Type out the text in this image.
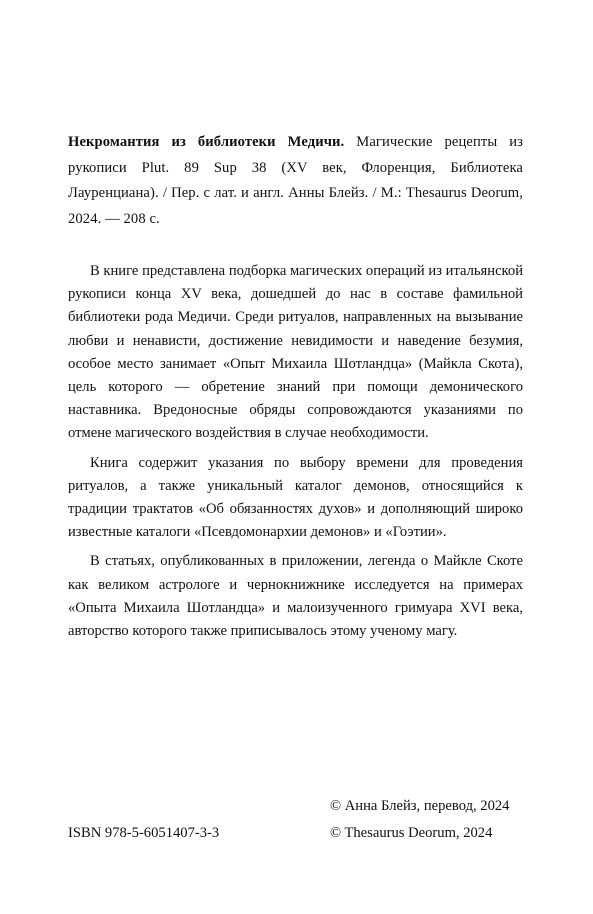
Некромантия из библиотеки Медичи. Магические рецепты из рукописи Plut. 89 Sup 38 (XV век, Флоренция, Библиотека Лауренциана). / Пер. с лат. и англ. Анны Блейз. / М.: Thesaurus Deorum, 2024. — 208 с.

В книге представлена подборка магических операций из итальянской рукописи конца XV века, дошедшей до нас в составе фамильной библиотеки рода Медичи. Среди ритуалов, направленных на вызывание любви и ненависти, достижение невидимости и наведение безумия, особое место занимает «Опыт Михаила Шотландца» (Майкла Скота), цель которого — обретение знаний при помощи демонического наставника. Вредоносные обряды сопровождаются указаниями по отмене магического воздействия в случае необходимости.

Книга содержит указания по выбору времени для проведения ритуалов, а также уникальный каталог демонов, относящийся к традиции трактатов «Об обязанностях духов» и дополняющий широко известные каталоги «Псевдомонархии демонов» и «Гоэтии».

В статьях, опубликованных в приложении, легенда о Майкле Скоте как великом астрологе и чернокнижнике исследуется на примерах «Опыта Михаила Шотландца» и малоизученного гримуара XVI века, авторство которого также приписывалось этому ученому магу.

© Анна Блейз, перевод, 2024
© Thesaurus Deorum, 2024
ISBN 978-5-6051407-3-3
